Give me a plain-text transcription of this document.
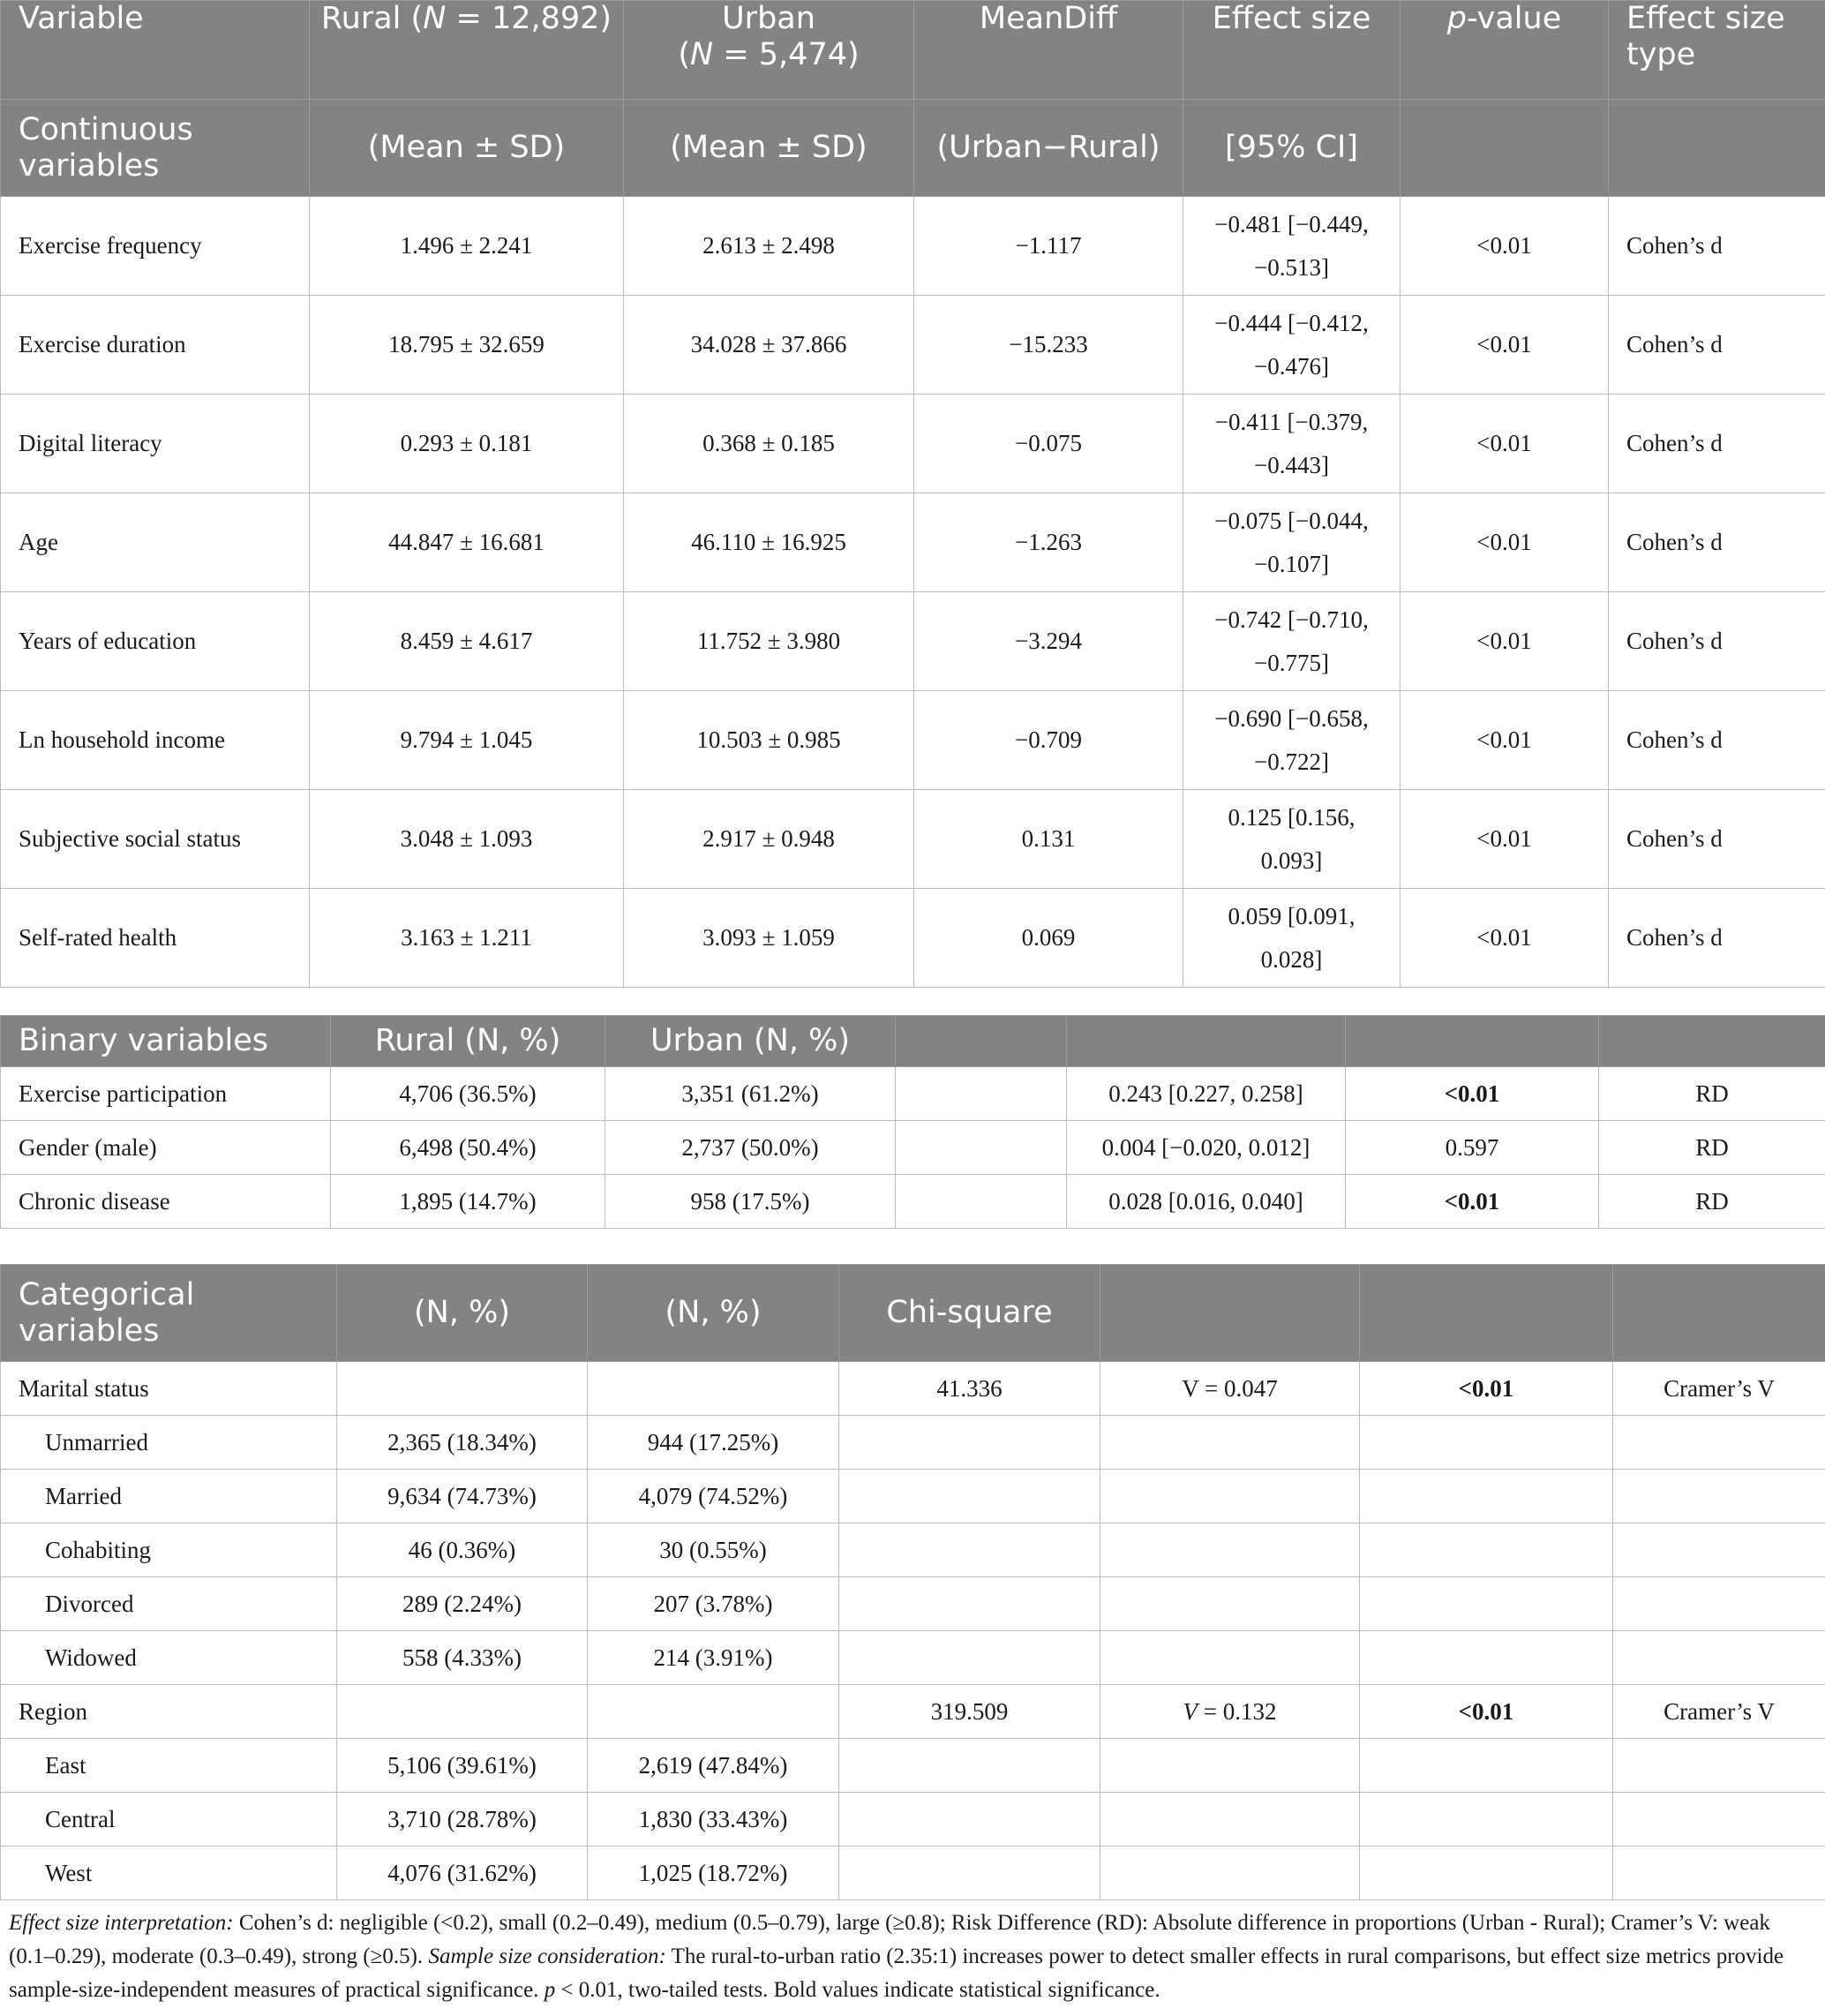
Variable	Rural (N = 12,892)	Urban
(N = 5,474)	MeanDiff	Effect size	p-value	Effect size type
Continuous variables	(Mean ± SD)	(Mean ± SD)	(Urban−Rural)	[95% CI]		
Exercise frequency	1.496 ± 2.241	2.613 ± 2.498	−1.117	−0.481 [−0.449,
−0.513]	<0.01	Cohen’s d
Exercise duration	18.795 ± 32.659	34.028 ± 37.866	−15.233	−0.444 [−0.412,
−0.476]	<0.01	Cohen’s d
Digital literacy	0.293 ± 0.181	0.368 ± 0.185	−0.075	−0.411 [−0.379,
−0.443]	<0.01	Cohen’s d
Age	44.847 ± 16.681	46.110 ± 16.925	−1.263	−0.075 [−0.044,
−0.107]	<0.01	Cohen’s d
Years of education	8.459 ± 4.617	11.752 ± 3.980	−3.294	−0.742 [−0.710,
−0.775]	<0.01	Cohen’s d
Ln household income	9.794 ± 1.045	10.503 ± 0.985	−0.709	−0.690 [−0.658,
−0.722]	<0.01	Cohen’s d
Subjective social status	3.048 ± 1.093	2.917 ± 0.948	0.131	0.125 [0.156,
0.093]	<0.01	Cohen’s d
Self-rated health	3.163 ± 1.211	3.093 ± 1.059	0.069	0.059 [0.091,
0.028]	<0.01	Cohen’s d
Binary variables	Rural (N, %)	Urban (N, %)				
Exercise participation	4,706 (36.5%)	3,351 (61.2%)		0.243 [0.227, 0.258]	<0.01	RD
Gender (male)	6,498 (50.4%)	2,737 (50.0%)		0.004 [−0.020, 0.012]	0.597	RD
Chronic disease	1,895 (14.7%)	958 (17.5%)		0.028 [0.016, 0.040]	<0.01	RD
Categorical variables	(N, %)	(N, %)	Chi-square			
Marital status			41.336	V = 0.047	<0.01	Cramer’s V
Unmarried	2,365 (18.34%)	944 (17.25%)				
Married	9,634 (74.73%)	4,079 (74.52%)				
Cohabiting	46 (0.36%)	30 (0.55%)				
Divorced	289 (2.24%)	207 (3.78%)				
Widowed	558 (4.33%)	214 (3.91%)				
Region			319.509	V = 0.132	<0.01	Cramer’s V
East	5,106 (39.61%)	2,619 (47.84%)				
Central	3,710 (28.78%)	1,830 (33.43%)				
West	4,076 (31.62%)	1,025 (18.72%)				
Effect size interpretation: Cohen’s d: negligible (<0.2), small (0.2–0.49), medium (0.5–0.79), large (≥0.8); Risk Difference (RD): Absolute difference in proportions (Urban - Rural); Cramer’s V: weak (0.1–0.29), moderate (0.3–0.49), strong (≥0.5). Sample size consideration: The rural-to-urban ratio (2.35:1) increases power to detect smaller effects in rural comparisons, but effect size metrics provide sample-size-independent measures of practical significance. p < 0.01, two-tailed tests. Bold values indicate statistical significance.
